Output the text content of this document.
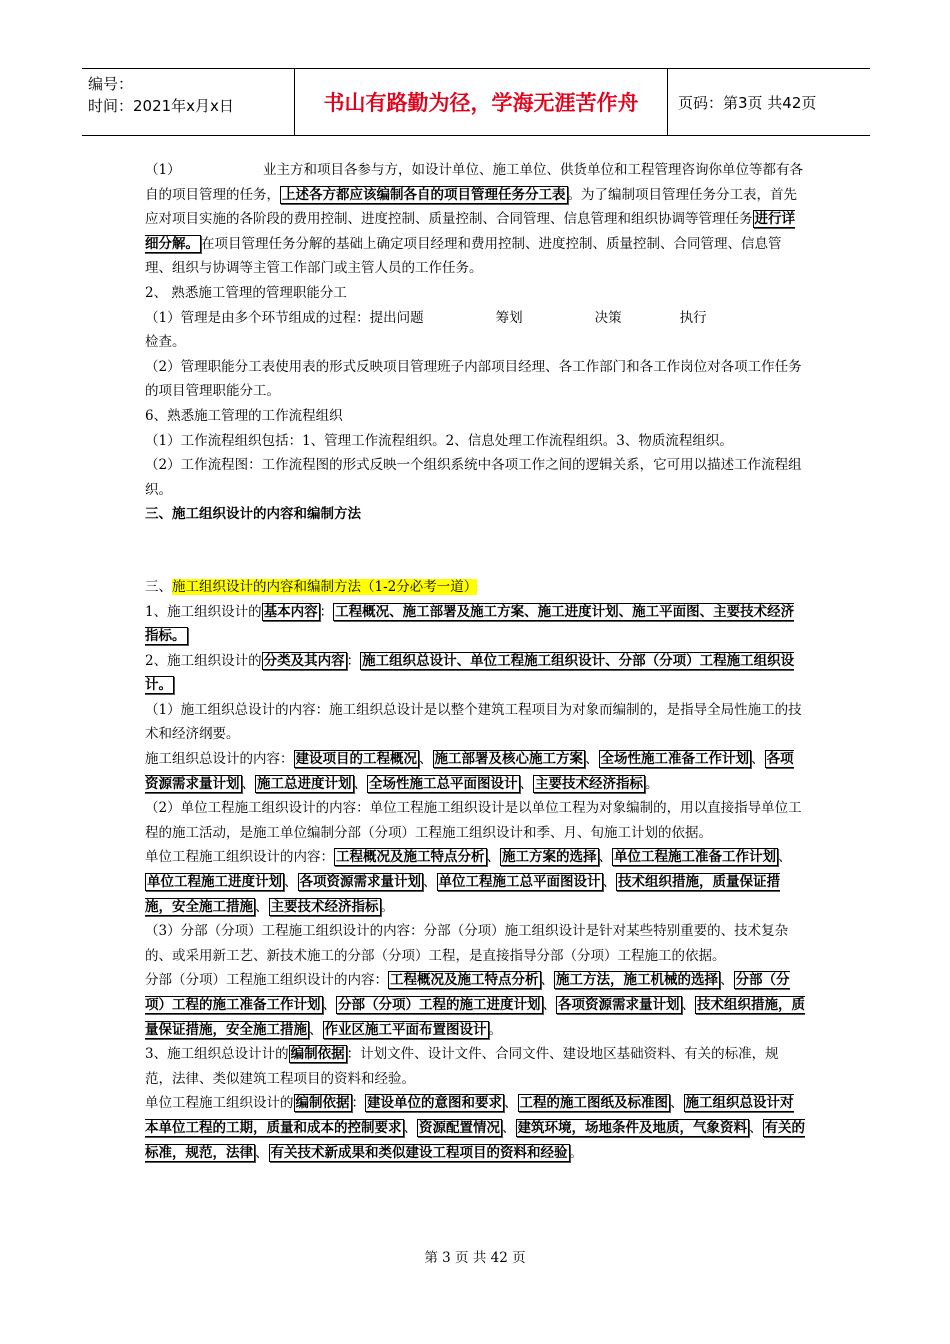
编号：
时间：2021年x月x日	书山有路勤为径，学海无涯苦作舟	页码：第3页 共42页

（1）	业主方和项目各参与方，如设计单位、施工单位、供货单位和工程管理咨询你单位等都有各自的项目管理的任务， 上述各方都应该编制各自的项目管理任务分工表 。为了编制项目管理任务分工表，首先应对项目实施的各阶段的费用控制、进度控制、质量控制、合同管理、信息管理和组织协调等管理任务 进行详细分解。 在项目管理任务分解的基础上确定项目经理和费用控制、进度控制、质量控制、合同管理、信息管理、组织与协调等主管工作部门或主管人员的工作任务。

2、 熟悉施工管理的管理职能分工

（1）管理是由多个环节组成的过程：提出问题	筹划	决策	执行

检查。

（2）管理职能分工表使用表的形式反映项目管理班子内部项目经理、各工作部门和各工作岗位对各项工作任务的项目管理职能分工。

6、熟悉施工管理的工作流程组织

（1）工作流程组织包括：1、管理工作流程组织。2、信息处理工作流程组织。3、物质流程组织。

（2）工作流程图：工作流程图的形式反映一个组织系统中各项工作之间的逻辑关系，它可用以描述工作流程组织。

三、施工组织设计的内容和编制方法

三、施工组织设计的内容和编制方法（1-2分必考一道）

1、施工组织设计的 基本内容 ： 工程概况、施工部署及施工方案、施工进度计划、施工平面图、主要技术经济指标。

2、施工组织设计的 分类及其内容 ： 施工组织总设计、单位工程施工组织设计、分部（分项）工程施工组织设计。

（1）施工组织总设计的内容：施工组织总设计是以整个建筑工程项目为对象而编制的，是指导全局性施工的技术和经济纲要。

施工组织总设计的内容： 建设项目的工程概况 、 施工部署及核心施工方案 、 全场性施工准备工作计划 、 各项资源需求量计划 、 施工总进度计划 、 全场性施工总平面图设计 、 主要技术经济指标 。

（2）单位工程施工组织设计的内容：单位工程施工组织设计是以单位工程为对象编制的，用以直接指导单位工程的施工活动，是施工单位编制分部（分项）工程施工组织设计和季、月、旬施工计划的依据。

单位工程施工组织设计的内容： 工程概况及施工特点分析 、 施工方案的选择 、 单位工程施工准备工作计划 、单位工程施工进度计划 、 各项资源需求量计划 、 单位工程施工总平面图设计 、 技术组织措施，质量保证措施，安全施工措施 、 主要技术经济指标 。

（3）分部（分项）工程施工组织设计的内容：分部（分项）施工组织设计是针对某些特别重要的、技术复杂的、或采用新工艺、新技术施工的分部（分项）工程，是直接指导分部（分项）工程施工的依据。

分部（分项）工程施工组织设计的内容： 工程概况及施工特点分析 、 施工方法，施工机械的选择 、 分部（分项）工程的施工准备工作计划 、 分部（分项）工程的施工进度计划 、 各项资源需求量计划 、 技术组织措施，质量保证措施，安全施工措施 、 作业区施工平面布置图设计 。

3、施工组织总设计计的 编制依据 ：计划文件、设计文件、合同文件、建设地区基础资料、有关的标准，规范，法律、类似建筑工程项目的资料和经验。

单位工程施工组织设计的 编制依据 ： 建设单位的意图和要求 、 工程的施工图纸及标准图 、 施工组织总设计对本单位工程的工期，质量和成本的控制要求 、 资源配置情况 、 建筑环境，场地条件及地质，气象资料 、 有关的标准，规范，法律 、 有关技术新成果和类似建设工程项目的资料和经验 。

第 3 页 共 42 页
